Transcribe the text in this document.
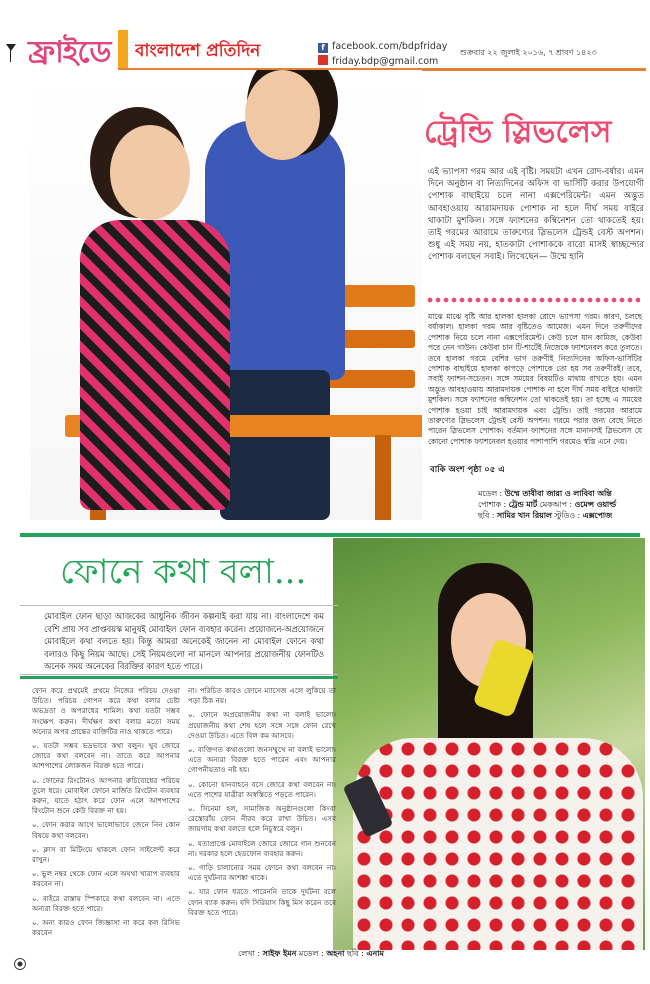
ফ্রাইডে বাংলাদেশ প্রতিদিন	f facebook.com/bdpfriday
friday.bdp@gmail.com
শুক্রবার ২২ জুলাই ২০১৬, ৭ শ্রাবণ ১৪২৩
ট্রেন্ডি স্লিভলেস
এই ভ্যাপসা গরম আর এই বৃষ্টি। সময়টা এখন রোদ-বর্ষার। এমন দিনে অনুষ্ঠান বা নিত্যদিনের অফিস বা ভার্সিটি করার উপযোগী পোশাক বাছাইয়ে চলে নানা এক্সপেরিমেন্ট। এমন অদ্ভুত আবহাওয়ায় আরামদায়ক পোশাক না হলে দীর্ঘ সময় বাইরে থাকাটা মুশকিল। সঙ্গে ফ্যাশনের কম্বিনেশন তো থাকতেই হয়। তাই গরমের আরামে তারুণ্যের স্লিভলেস ট্রেন্ডই বেস্ট অপশন। শুধু এই সময় নয়, হাতকাটা পোশাককে বারো মাসই স্বাচ্ছন্দ্যের পোশাক বলছেন সবাই। লিখেছেন— উম্মে হানি
মাঝে মাঝে বৃষ্টি আর হালকা হালকা রোদে ভ্যাপসা গরম। কারণ, চলছে বর্ষাকাল। হালকা গরম আর বৃষ্টিতেও আমেজ। এমন দিনে তরুণীদের পোশাক নিয়ে চলে নানা এক্সপেরিমেন্ট। কেউ চলে যান কামিজ, কেউবা পরে নেন গাউন। কেউবা চান টি-শার্টেই নিজেকে ফ্যাশনেবল করে তুলতে। তবে হালকা গরমে বেশির ভাগ তরুণীই নিত্যদিনের অফিস-ভার্সিটির পোশাক বাছাইয়ে হালকা কাপড়ে পোশাকে তো হয় সব তরুণীরই। তবে, সবাই ফ্যাশন-সচেতন। সঙ্গে সময়ের বিষয়টিও মাথায় রাখতে হয়। এমন অদ্ভুত আবহাওয়ায় আরামদায়ক পোশাক না হলে দীর্ঘ সময় বাইরে থাকাটা মুশকিল। সঙ্গে ফ্যাশনের কম্বিনেশন তো থাকতেই হয়। তা হচ্ছে এ সময়ের পোশাক হওয়া চাই আরামদায়ক এবং ট্রেন্ডি। তাই গরমের আরামে তারুণ্যের স্লিভলেস ট্রেন্ডই বেস্ট অপশন। গরমে পরার জন্য বেছে নিতে পারেন স্লিভলেস পোশাক। বর্তমান ফ্যাশনের সঙ্গে মানানসই স্লিভলেস যে কোনো পোশাক ফ্যাশনেবল হওয়ার পাশাপাশি গরমেও স্বস্তি এনে দেয়।
বাকি অংশ পৃষ্ঠা ০৫ এ
মডেল : উম্মে তাবীবা জারা ও লাবিবা অন্তি
পোশাক : ট্রেন্ড মার্ট মেকআপ : ওমেন্স ওয়ার্ল্ড
ছবি : সামির খান রিয়াল স্টুডিও : এক্সপোজ
ফোনে কথা বলা...
মোবাইল ফোন ছাড়া আজকের আধুনিক জীবন কল্পনাই করা যায় না। বাংলাদেশে কম বেশি প্রায় সব প্রাপ্তবয়স্ক মানুষই মোবাইল ফোন ব্যবহার করেন। প্রয়োজনে-অপ্রয়োজনে মোবাইলে কথা বলতে হয়। কিন্তু আমরা অনেকেই জানেন না মোবাইল ফোনে কথা বলারও কিছু নিয়ম আছে। সেই নিয়মগুলো না মানলে আপনার প্রয়োজনীয় ফোনটিও অনেক সময় অনেকের বিরক্তির কারণ হতে পারে।

ফোন করে প্রথমেই প্রথমে নিজের পরিচয় দেওয়া উচিত। পরিচয় গোপন করে কথা বলার চেষ্টা অভদ্রতা ও অপরাধের শামিল। কথা যতটা সম্ভব সংক্ষেপ করুন। দীর্ঘক্ষণ কথা বলার মতো সময় অন্যের অপর প্রান্তের ব্যক্তিটির নাও থাকতে পারে।

০. যতটা সম্ভব ভদ্রভাবে কথা বলুন। খুব জোরে জোরে কথা বলবেন না। তাতে করে আপনার আশপাশের লোকজন বিরক্ত হতে পারে।

০. ফোনের রিংটোনও আপনার রুচিবোধের পরিচয় তুলে ধরে। মোবাইল ফোনে মার্জিত রিংটোন ব্যবহার করুন, যাতে হঠাৎ করে ফোন এলে আশপাশের রিংটোন শুনে কেউ বিরক্ত না হয়।

০. ফোন করার আগে ভালোভাবে জেনে নিন কোন বিষয়ে কথা বলবেন।

০. ক্লাস বা মিটিংয়ে থাকলে ফোন সাইলেন্ট করে রাখুন।

০. ভুল নম্বর থেকে ফোন এলে অযথা খারাপ ব্যবহার করবেন না।

০. বাইরে রাস্তায় স্পিকারে কথা বলবেন না। এতে অন্যরা বিরক্ত হতে পারে।

০. অন্য কারও ফোন জিজ্ঞাসা না করে কল রিসিভ করবেন

না। পরিচিত কারও ফোনে ম্যাসেজ এলে লুকিয়ে তা পড়া ঠিক নয়।

০. ফোনে অপ্রয়োজনীয় কথা না বলাই ভালো। প্রয়োজনীয় কথা শেষ হলে সঙ্গে সঙ্গে ফোন রেখে দেওয়া উচিত। এতে বিল কম আসবে।

০. ব্যক্তিগত কথাগুলো জনসম্মুখে না বলাই ভালো। এতে অন্যরা বিরক্ত হতে পারেন এবং আপনার গোপনীয়তাও নষ্ট হয়।

০. কোনো যানবাহনে বসে জোরে কথা বলবেন না। এতে পাশের যাত্রীরা অস্বস্তিতে পড়তে পারেন।

০. সিনেমা হল, সামাজিক অনুষ্ঠানগুলো কিংবা রেস্তোরাঁয় ফোন নীরব করে রাখা উচিত। এসব জায়গায় কথা বলতে হলে নিচুস্বরে বলুন।

০. যতাপ্রাপ্তে মোবাইলে জোরে জোরে গান শুনবেন না। দরকার হলে হেডফোন ব্যবহার করুন।

০. গাড়ি চালানোর সময় ফোনে কথা বলবেন না। এতে দুর্ঘটনার আশঙ্কা থাকে।

০. যার ফোন ধরতে পারেননি তাকে দুর্ঘটনা বলে ফোন ব্যাক করুন। যদি সিরিয়াস কিছু মিস করেন তবে বিরক্ত হতে পারে।

লেখা : সাইফ ইমন মডেল : অহনা ছবি : এনাম
